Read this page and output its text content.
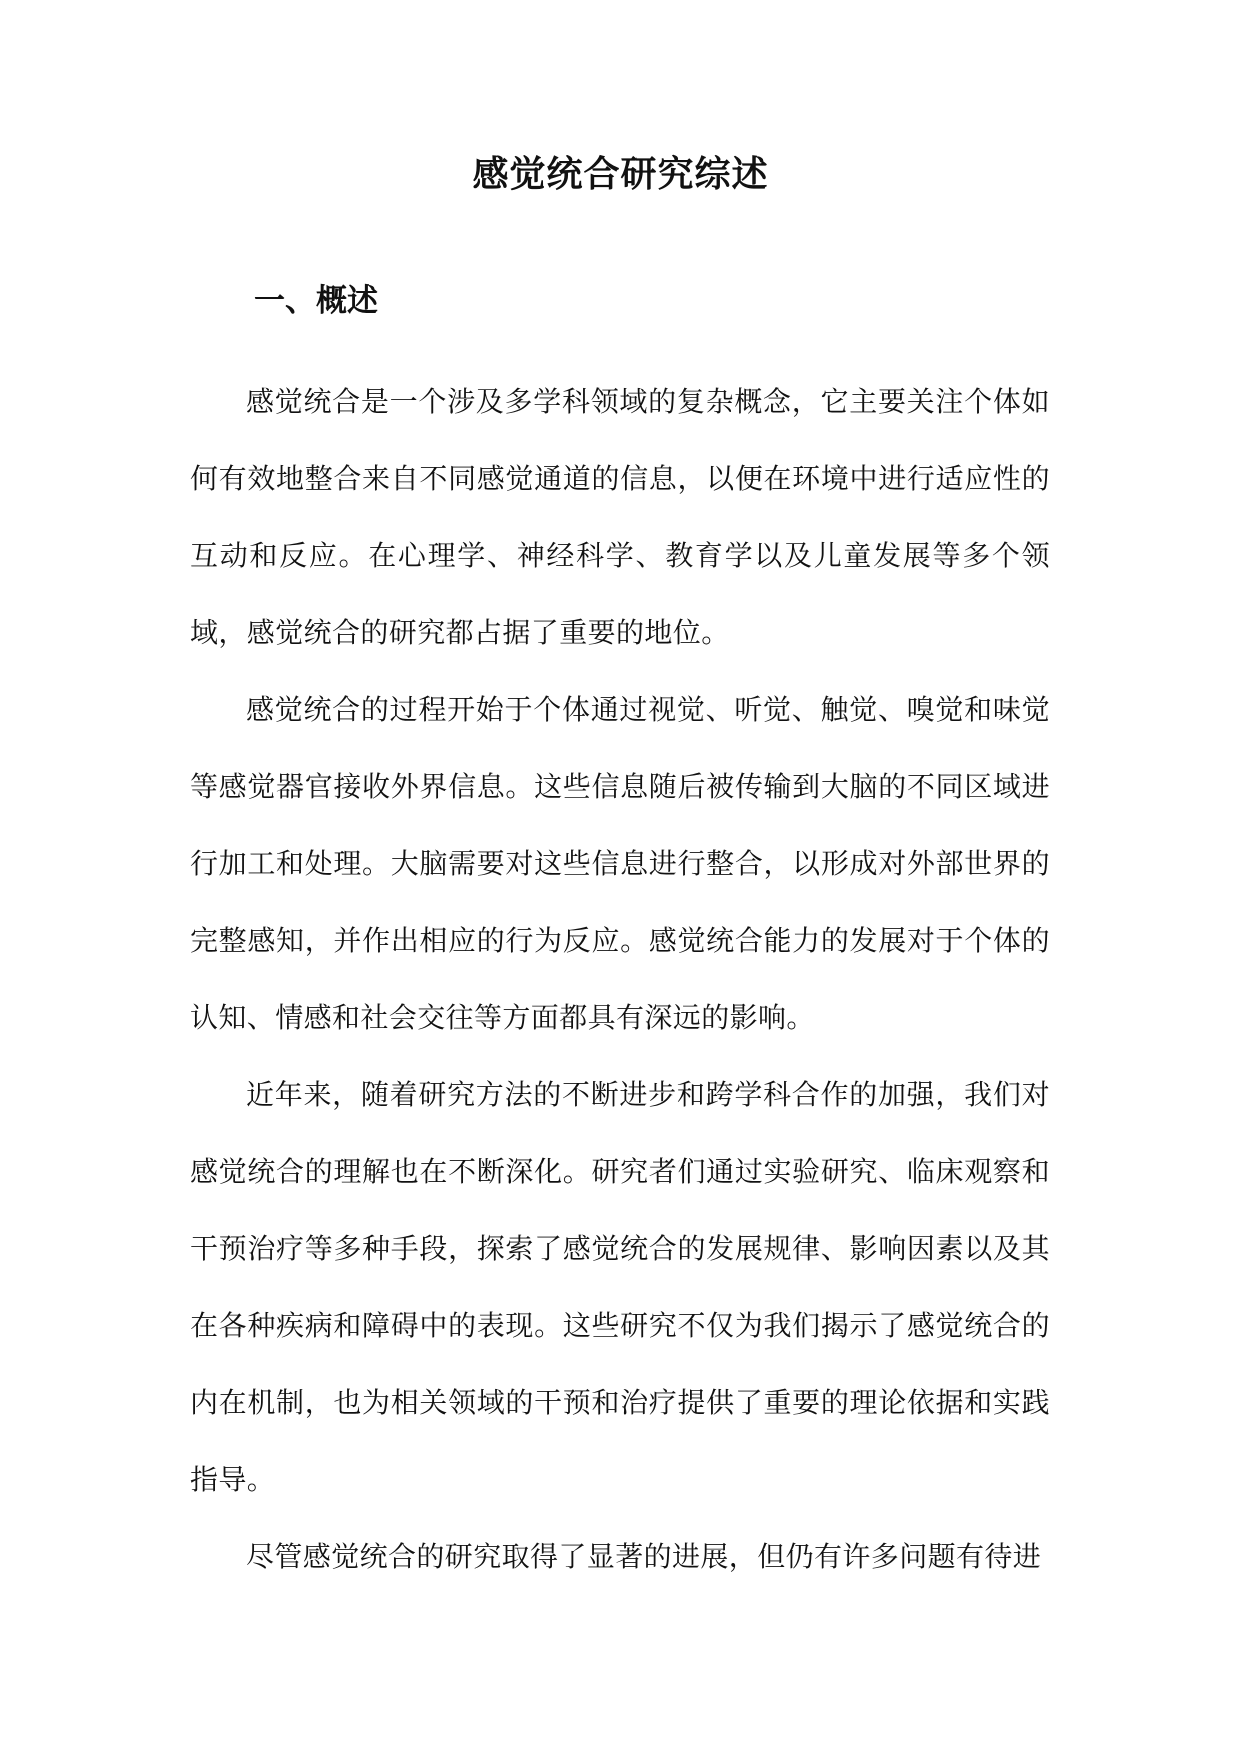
感觉统合研究综述
一、概述

感觉统合是一个涉及多学科领域的复杂概念，它主要关注个体如何有效地整合来自不同感觉通道的信息，以便在环境中进行适应性的互动和反应。在心理学、神经科学、教育学以及儿童发展等多个领域，感觉统合的研究都占据了重要的地位。

感觉统合的过程开始于个体通过视觉、听觉、触觉、嗅觉和味觉等感觉器官接收外界信息。这些信息随后被传输到大脑的不同区域进行加工和处理。大脑需要对这些信息进行整合，以形成对外部世界的完整感知，并作出相应的行为反应。感觉统合能力的发展对于个体的认知、情感和社会交往等方面都具有深远的影响。

近年来，随着研究方法的不断进步和跨学科合作的加强，我们对感觉统合的理解也在不断深化。研究者们通过实验研究、临床观察和干预治疗等多种手段，探索了感觉统合的发展规律、影响因素以及其在各种疾病和障碍中的表现。这些研究不仅为我们揭示了感觉统合的内在机制，也为相关领域的干预和治疗提供了重要的理论依据和实践指导。

尽管感觉统合的研究取得了显著的进展，但仍有许多问题有待进
